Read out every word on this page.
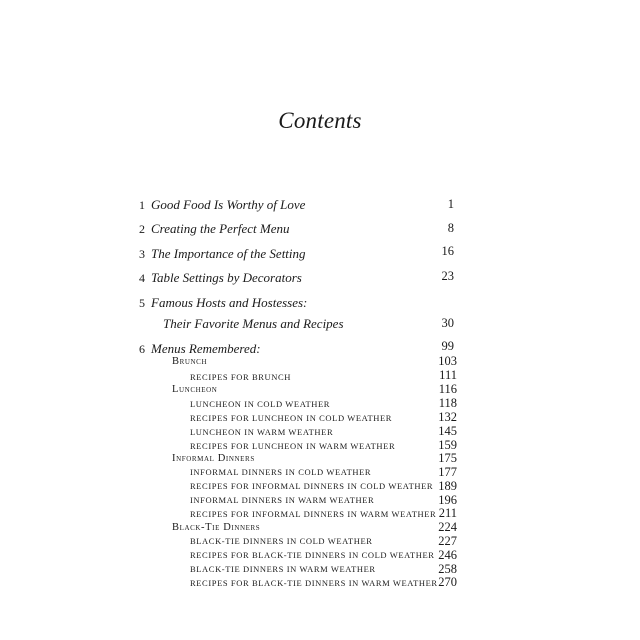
Contents
1 Good Food Is Worthy of Love	1
2 Creating the Perfect Menu	8
3 The Importance of the Setting	16
4 Table Settings by Decorators	23
5 Famous Hosts and Hostesses:
Their Favorite Menus and Recipes	30
6 Menus Remembered:	99
Brunch	103
RECIPES FOR BRUNCH	111
Luncheon	116
LUNCHEON IN COLD WEATHER	118
RECIPES FOR LUNCHEON IN COLD WEATHER	132
LUNCHEON IN WARM WEATHER	145
RECIPES FOR LUNCHEON IN WARM WEATHER	159
Informal Dinners	175
INFORMAL DINNERS IN COLD WEATHER	177
RECIPES FOR INFORMAL DINNERS IN COLD WEATHER 189
INFORMAL DINNERS IN WARM WEATHER	196
RECIPES FOR INFORMAL DINNERS IN WARM WEATHER 211
Black-Tie Dinners	224
BLACK-TIE DINNERS IN COLD WEATHER	227
RECIPES FOR BLACK-TIE DINNERS IN COLD WEATHER 246
BLACK-TIE DINNERS IN WARM WEATHER	258
RECIPES FOR BLACK-TIE DINNERS IN WARM WEATHER 270
